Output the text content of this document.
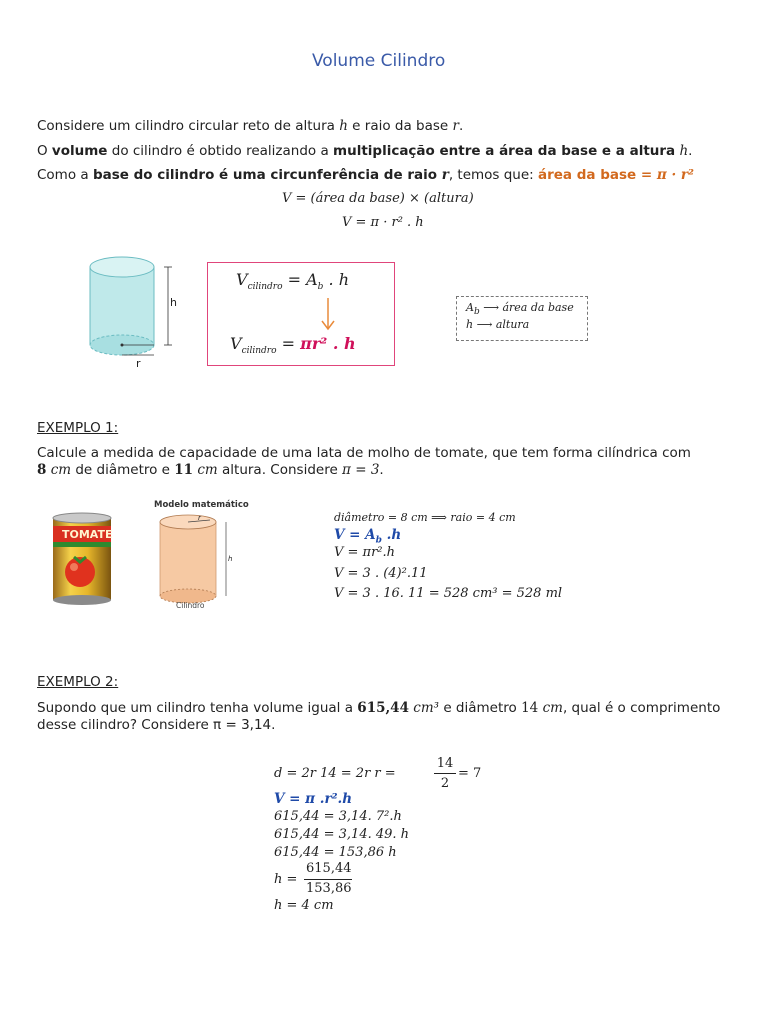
Volume Cilindro
Considere um cilindro circular reto de altura h e raio da base r.
O volume do cilindro é obtido realizando a multiplicação entre a área da base e a altura h.
Como a base do cilindro é uma circunferência de raio r, temos que: área da base = π · r²
V = (área da base) × (altura)
V = π · r² . h
h
r
$V_{cilindro} = A_b$ . h
$V_{cilindro} = \pi r^2$ . h
$A_b$ ⟶ área da base
h ⟶ altura
EXEMPLO 1:
Calcule a medida de capacidade de uma lata de molho de tomate, que tem forma cilíndrica com
8 cm de diâmetro e 11 cm altura. Considere π = 3.
TOMATE
Modelo matemático
r
h
Cilindro
diâmetro = 8 cm ⟹ raio = 4 cm
$V = A_b$ .h
V = πr².h
V = 3 . (4)².11
V = 3 . 16. 11 = 528 cm³ = 528 ml
EXEMPLO 2:
Supondo que um cilindro tenha volume igual a 615,44 cm³ e diâmetro 14 cm, qual é o comprimento
desse cilindro? Considere π = 3,14.
d = 2r 14 = 2r r =
14
2
= 7
V = π .r².h
615,44 = 3,14. 7².h
615,44 = 3,14. 49. h
615,44 = 153,86 h
h =
615,44
153,86
h = 4 cm
